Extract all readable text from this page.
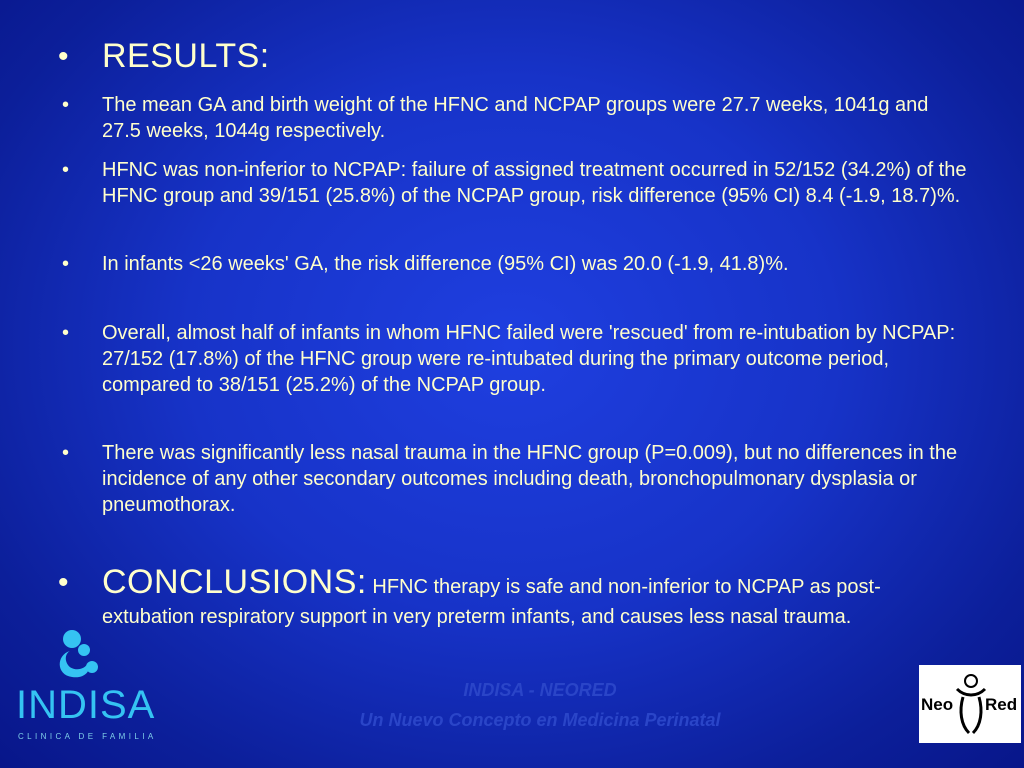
• RESULTS:
• The mean GA and birth weight of the HFNC and NCPAP groups were 27.7 weeks, 1041g and 27.5 weeks, 1044g respectively.
• HFNC was non-inferior to NCPAP: failure of assigned treatment occurred in 52/152 (34.2%) of the HFNC group and 39/151 (25.8%) of the NCPAP group, risk difference (95% CI) 8.4 (-1.9, 18.7)%.
• In infants <26 weeks' GA, the risk difference (95% CI) was 20.0 (-1.9, 41.8)%.
• Overall, almost half of infants in whom HFNC failed were 'rescued' from re-intubation by NCPAP: 27/152 (17.8%) of the HFNC group were re-intubated during the primary outcome period, compared to 38/151 (25.2%) of the NCPAP group.
• There was significantly less nasal trauma in the HFNC group (P=0.009), but no differences in the incidence of any other secondary outcomes including death, bronchopulmonary dysplasia or pneumothorax.
• CONCLUSIONS: HFNC therapy is safe and non-inferior to NCPAP as post-extubation respiratory support in very preterm infants, and causes less nasal trauma.
INDISA
CLINICA DE FAMILIA
INDISA - NEORED
Un Nuevo Concepto en Medicina Perinatal
Neo Red
